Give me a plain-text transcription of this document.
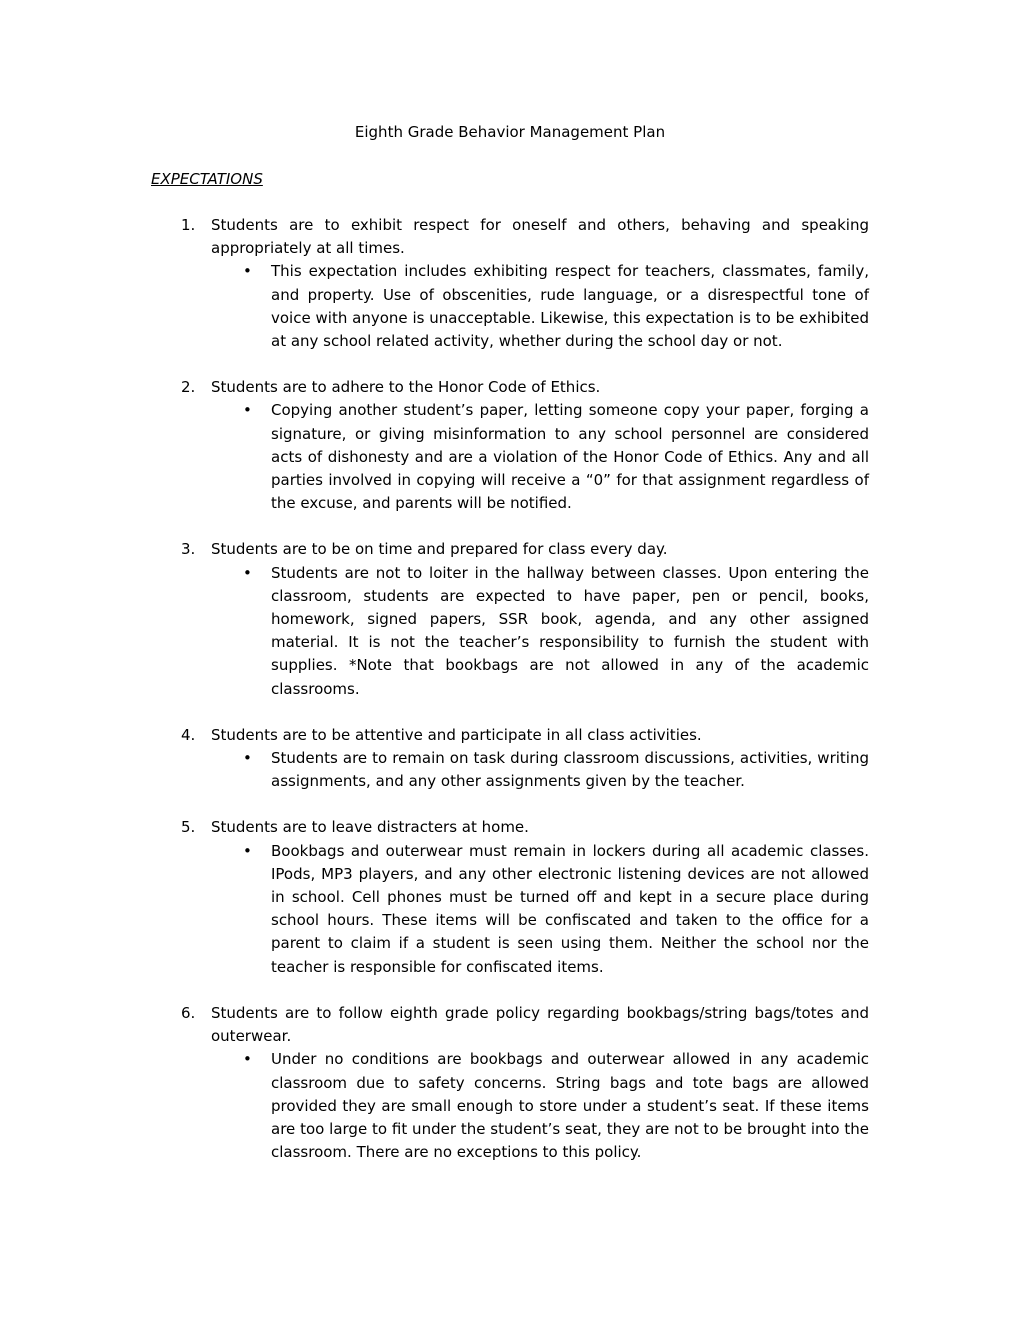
Eighth Grade Behavior Management Plan
EXPECTATIONS
1. Students are to exhibit respect for oneself and others, behaving and speaking appropriately at all times.
• This expectation includes exhibiting respect for teachers, classmates, family, and property. Use of obscenities, rude language, or a disrespectful tone of voice with anyone is unacceptable. Likewise, this expectation is to be exhibited at any school related activity, whether during the school day or not.
2. Students are to adhere to the Honor Code of Ethics.
• Copying another student’s paper, letting someone copy your paper, forging a signature, or giving misinformation to any school personnel are considered acts of dishonesty and are a violation of the Honor Code of Ethics. Any and all parties involved in copying will receive a “0” for that assignment regardless of the excuse, and parents will be notified.
3. Students are to be on time and prepared for class every day.
• Students are not to loiter in the hallway between classes. Upon entering the classroom, students are expected to have paper, pen or pencil, books, homework, signed papers, SSR book, agenda, and any other assigned material. It is not the teacher’s responsibility to furnish the student with supplies. *Note that bookbags are not allowed in any of the academic classrooms.
4. Students are to be attentive and participate in all class activities.
• Students are to remain on task during classroom discussions, activities, writing assignments, and any other assignments given by the teacher.
5. Students are to leave distracters at home.
• Bookbags and outerwear must remain in lockers during all academic classes. IPods, MP3 players, and any other electronic listening devices are not allowed in school. Cell phones must be turned off and kept in a secure place during school hours. These items will be confiscated and taken to the office for a parent to claim if a student is seen using them. Neither the school nor the teacher is responsible for confiscated items.
6. Students are to follow eighth grade policy regarding bookbags/string bags/totes and outerwear.
• Under no conditions are bookbags and outerwear allowed in any academic classroom due to safety concerns. String bags and tote bags are allowed provided they are small enough to store under a student’s seat. If these items are too large to fit under the student’s seat, they are not to be brought into the classroom. There are no exceptions to this policy.
